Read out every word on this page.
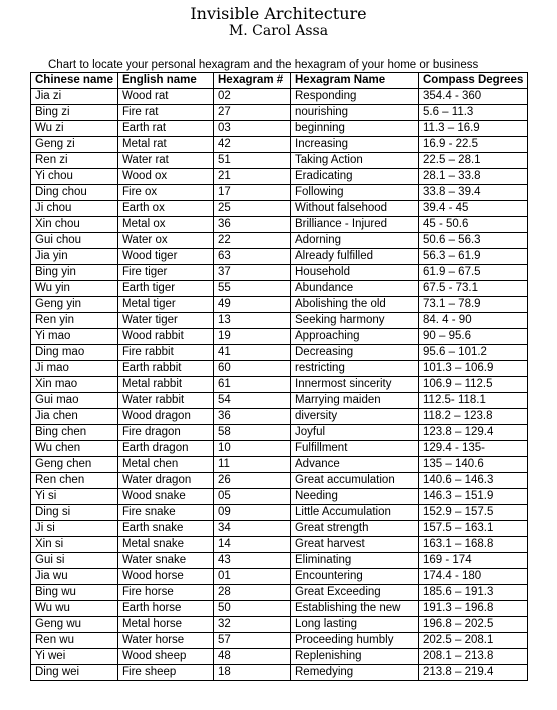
Invisible Architecture
M. Carol Assa
Chart to locate your personal hexagram and the hexagram of your home or business
Chinese name	English name	Hexagram #	Hexagram Name	Compass Degrees
Jia zi	Wood rat	02	Responding	354.4 - 360
Bing zi	Fire rat	27	nourishing	5.6 – 11.3
Wu zi	Earth rat	03	beginning	11.3 – 16.9
Geng zi	Metal rat	42	Increasing	16.9 - 22.5
Ren zi	Water rat	51	Taking Action	22.5 – 28.1
Yi chou	Wood ox	21	Eradicating	28.1 – 33.8
Ding chou	Fire ox	17	Following	33.8 – 39.4
Ji chou	Earth ox	25	Without falsehood	39.4 - 45
Xin chou	Metal ox	36	Brilliance - Injured	45 - 50.6
Gui chou	Water ox	22	Adorning	50.6 – 56.3
Jia yin	Wood tiger	63	Already fulfilled	56.3 – 61.9
Bing yin	Fire tiger	37	Household	61.9 – 67.5
Wu yin	Earth tiger	55	Abundance	67.5 - 73.1
Geng yin	Metal tiger	49	Abolishing the old	73.1 – 78.9
Ren yin	Water tiger	13	Seeking harmony	84. 4 - 90
Yi mao	Wood rabbit	19	Approaching	90 – 95.6
Ding mao	Fire rabbit	41	Decreasing	95.6 – 101.2
Ji mao	Earth rabbit	60	restricting	101.3 – 106.9
Xin mao	Metal rabbit	61	Innermost sincerity	106.9 – 112.5
Gui mao	Water rabbit	54	Marrying maiden	112.5- 118.1
Jia chen	Wood dragon	36	diversity	118.2 – 123.8
Bing chen	Fire dragon	58	Joyful	123.8 – 129.4
Wu chen	Earth dragon	10	Fulfillment	129.4 - 135-
Geng chen	Metal chen	11	Advance	135 – 140.6
Ren chen	Water dragon	26	Great accumulation	140.6 – 146.3
Yi si	Wood snake	05	Needing	146.3 – 151.9
Ding si	Fire snake	09	Little Accumulation	152.9 – 157.5
Ji si	Earth snake	34	Great strength	157.5 – 163.1
Xin si	Metal snake	14	Great harvest	163.1 – 168.8
Gui si	Water snake	43	Eliminating	169 - 174
Jia wu	Wood horse	01	Encountering	174.4 - 180
Bing wu	Fire horse	28	Great Exceeding	185.6 – 191.3
Wu wu	Earth horse	50	Establishing the new	191.3 – 196.8
Geng wu	Metal horse	32	Long lasting	196.8 – 202.5
Ren wu	Water horse	57	Proceeding humbly	202.5 – 208.1
Yi wei	Wood sheep	48	Replenishing	208.1 – 213.8
Ding wei	Fire sheep	18	Remedying	213.8 – 219.4
